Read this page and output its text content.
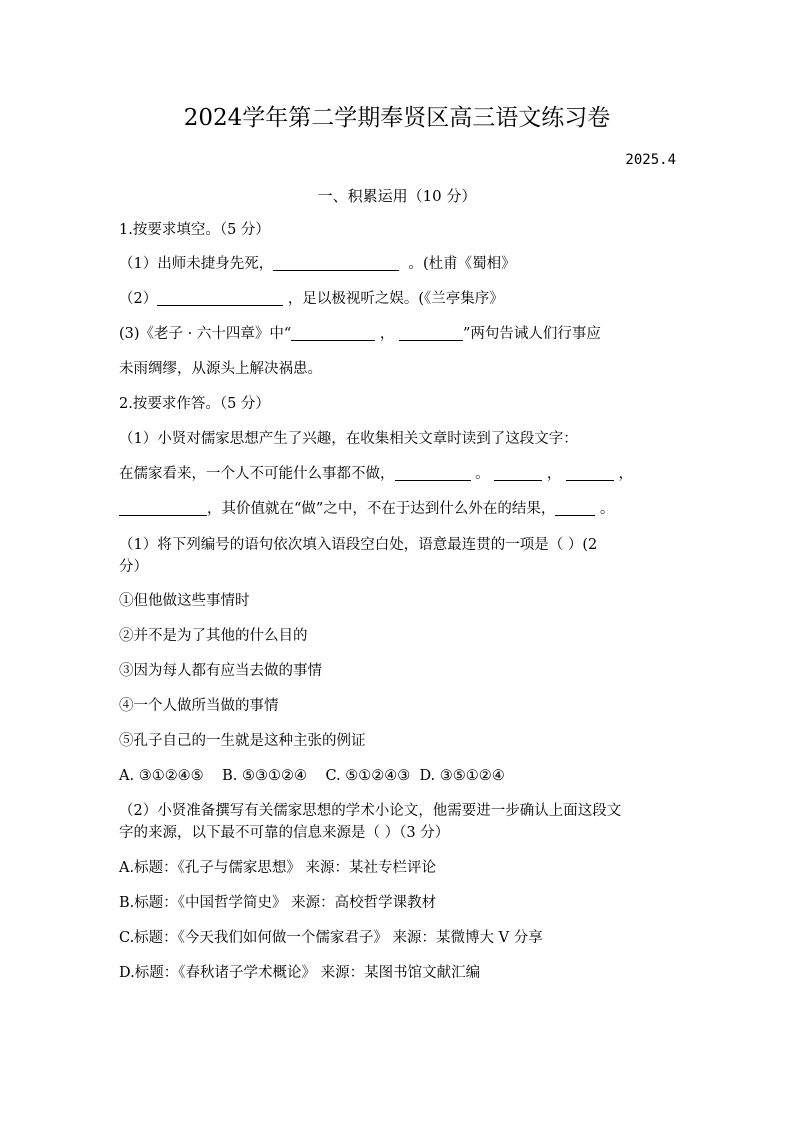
2024学年第二学期奉贤区高三语文练习卷
2025.4
一、积累运用（10 分）
1.按要求填空。（5 分）
（1）出师未捷身先死，	。(杜甫《蜀相》
（2）	，足以极视听之娱。(《兰亭集序》
(3)《老子 · 六十四章》中“	，	”两句告诫人们行事应
未雨绸缪，从源头上解决祸患。
2.按要求作答。（5 分）
（1）小贤对儒家思想产生了兴趣，在收集相关文章时读到了这段文字：
在儒家看来，一个人不可能什么事都不做，	。	，	，
，其价值就在“做”之中，不在于达到什么外在的结果，	。
（1）将下列编号的语句依次填入语段空白处，语意最连贯的一项是（ ）(2
分）
①但他做这些事情时
②并不是为了其他的什么目的
③因为每人都有应当去做的事情
④一个人做所当做的事情
⑤孔子自己的一生就是这种主张的例证
A. ③①②④⑤ B. ⑤③①②④ C. ⑤①②④③ D. ③⑤①②④
（2）小贤准备撰写有关儒家思想的学术小论文，他需要进一步确认上面这段文
字的来源，以下最不可靠的信息来源是（ ）（3 分）
A.标题：《孔子与儒家思想》 来源：某社专栏评论
B.标题：《中国哲学简史》 来源：高校哲学课教材
C.标题：《今天我们如何做一个儒家君子》 来源：某微博大 V 分享
D.标题：《春秋诸子学术概论》 来源：某图书馆文献汇编
